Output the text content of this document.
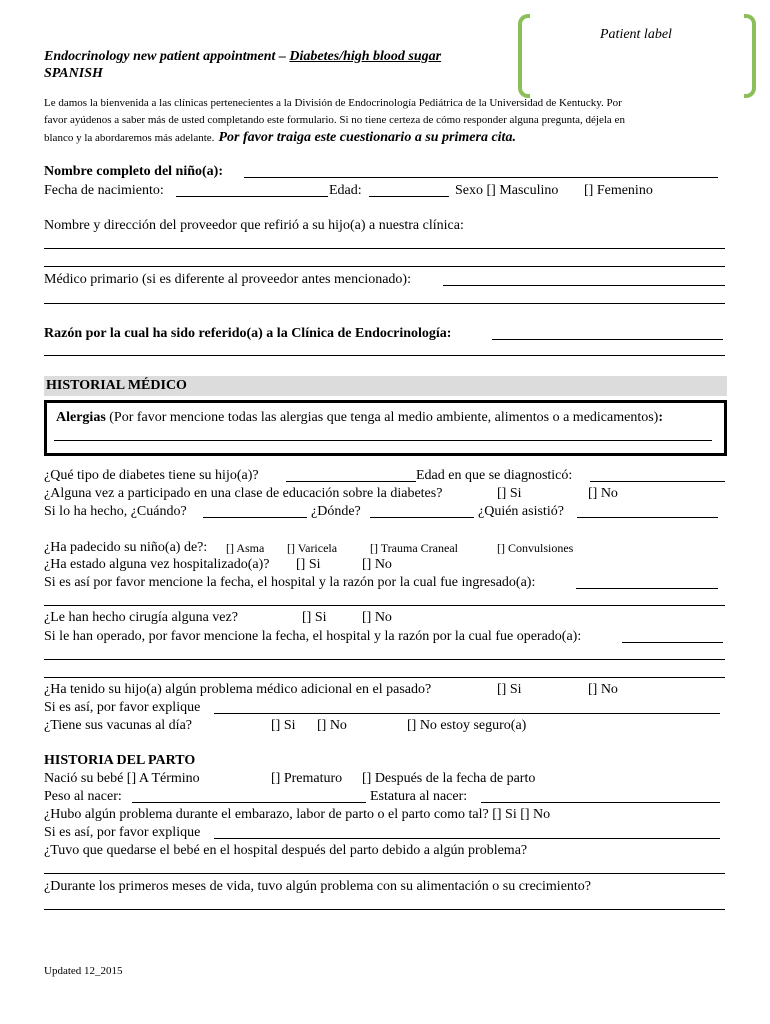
Patient label
Endocrinology new patient appointment – Diabetes/high blood sugar
SPANISH
Le damos la bienvenida a las clínicas pertenecientes a la División de Endocrinología Pediátrica de la Universidad de Kentucky. Por
favor ayúdenos a saber más de usted completando este formulario. Si no tiene certeza de cómo responder alguna pregunta, déjela en
blanco y la abordaremos más adelante. Por favor traiga este cuestionario a su primera cita.
Nombre completo del niño(a):
Fecha de nacimiento:	Edad:	Sexo [] Masculino [] Femenino
Nombre y dirección del proveedor que refirió a su hijo(a) a nuestra clínica:
Médico primario (si es diferente al proveedor antes mencionado):
Razón por la cual ha sido referido(a) a la Clínica de Endocrinología:
HISTORIAL MÉDICO
Alergias (Por favor mencione todas las alergias que tenga al medio ambiente, alimentos o a medicamentos):
¿Qué tipo de diabetes tiene su hijo(a)?	Edad en que se diagnosticó:
¿Alguna vez a participado en una clase de educación sobre la diabetes?	[] Si	[] No
Si lo ha hecho, ¿Cuándo?	¿Dónde?	¿Quién asistió?
¿Ha padecido su niño(a) de?: [] Asma [] Varicela	[] Trauma Craneal	[] Convulsiones
¿Ha estado alguna vez hospitalizado(a)? [] Si	[] No
Si es así por favor mencione la fecha, el hospital y la razón por la cual fue ingresado(a):
¿Le han hecho cirugía alguna vez?	[] Si	[] No
Si le han operado, por favor mencione la fecha, el hospital y la razón por la cual fue operado(a):
¿Ha tenido su hijo(a) algún problema médico adicional en el pasado?	[] Si	[] No
Si es así, por favor explique
¿Tiene sus vacunas al día?	[] Si [] No	[] No estoy seguro(a)
HISTORIA DEL PARTO
Nació su bebé [] A Término	[] Prematuro [] Después de la fecha de parto
Peso al nacer:	Estatura al nacer:
¿Hubo algún problema durante el embarazo, labor de parto o el parto como tal? [] Si [] No
Si es así, por favor explique
¿Tuvo que quedarse el bebé en el hospital después del parto debido a algún problema?
¿Durante los primeros meses de vida, tuvo algún problema con su alimentación o su crecimiento?
Updated 12_2015
